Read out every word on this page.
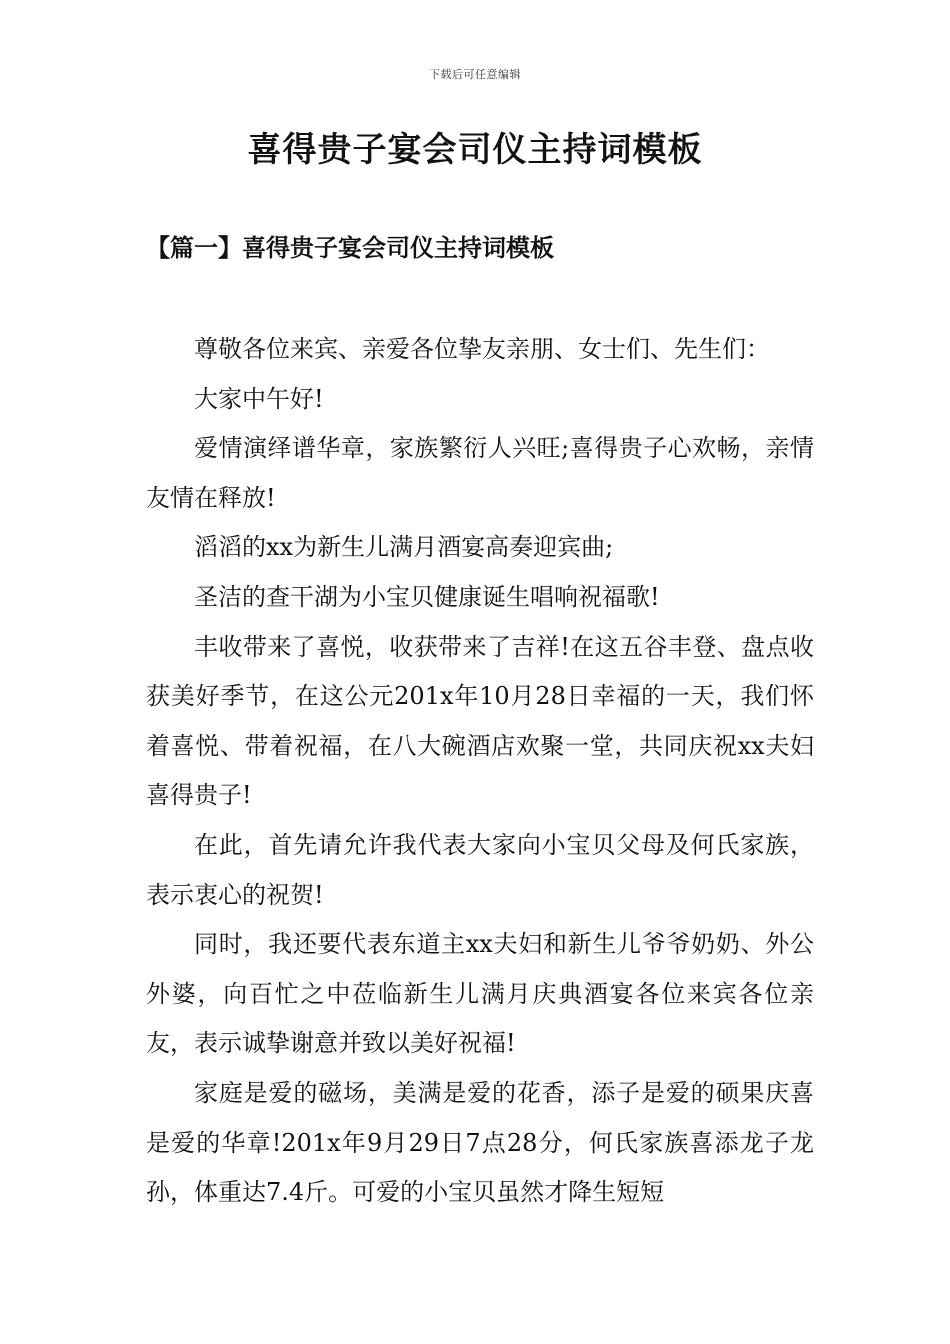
下载后可任意编辑
喜得贵子宴会司仪主持词模板
【篇一】喜得贵子宴会司仪主持词模板

尊敬各位来宾、亲爱各位挚友亲朋、女士们、先生们：

大家中午好!

爱情演绎谱华章，家族繁衍人兴旺;喜得贵子心欢畅，亲情友情在释放!

滔滔的xx为新生儿满月酒宴高奏迎宾曲;

圣洁的查干湖为小宝贝健康诞生唱响祝福歌!

丰收带来了喜悦，收获带来了吉祥!在这五谷丰登、盘点收获美好季节，在这公元201x年10月28日幸福的一天，我们怀着喜悦、带着祝福，在八大碗酒店欢聚一堂，共同庆祝xx夫妇喜得贵子!

在此，首先请允许我代表大家向小宝贝父母及何氏家族，表示衷心的祝贺!

同时，我还要代表东道主xx夫妇和新生儿爷爷奶奶、外公外婆，向百忙之中莅临新生儿满月庆典酒宴各位来宾各位亲友，表示诚挚谢意并致以美好祝福!

家庭是爱的磁场，美满是爱的花香，添子是爱的硕果庆喜是爱的华章!201x年9月29日7点28分，何氏家族喜添龙子龙孙，体重达7.4斤。可爱的小宝贝虽然才降生短短
